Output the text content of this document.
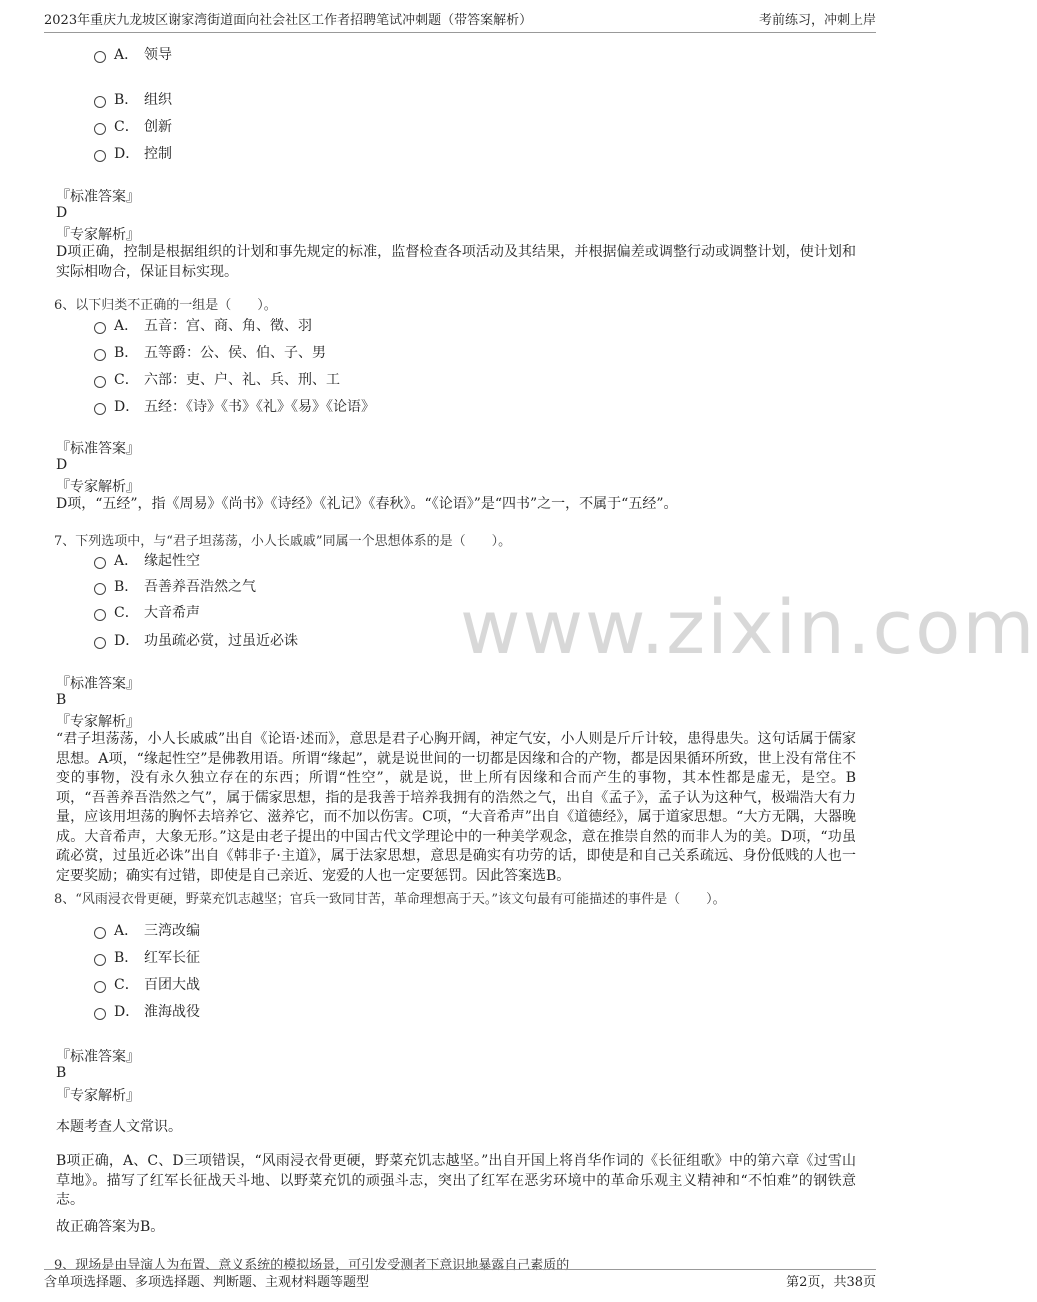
2023年重庆九龙坡区谢家湾街道面向社会社区工作者招聘笔试冲刺题（带答案解析）	考前练习，冲刺上岸
A． 领导
B． 组织
C． 创新
D． 控制
『标准答案』
D
『专家解析』
D项正确，控制是根据组织的计划和事先规定的标准，监督检查各项活动及其结果，并根据偏差或调整行动或调整计划，使计划和实际相吻合，保证目标实现。
6、以下归类不正确的一组是（　　）。
A． 五音：宫、商、角、徵、羽
B． 五等爵：公、侯、伯、子、男
C． 六部：吏、户、礼、兵、刑、工
D． 五经：《诗》《书》《礼》《易》《论语》
『标准答案』
D
『专家解析』
D项，“五经”，指《周易》《尚书》《诗经》《礼记》《春秋》。“《论语》”是“四书”之一，不属于“五经”。
7、下列选项中，与“君子坦荡荡，小人长戚戚”同属一个思想体系的是（　　）。
A． 缘起性空
B． 吾善养吾浩然之气
C． 大音希声
D． 功虽疏必赏，过虽近必诛
『标准答案』
B
『专家解析』
“君子坦荡荡，小人长戚戚”出自《论语·述而》，意思是君子心胸开阔，神定气安，小人则是斤斤计较，患得患失。这句话属于儒家思想。A项，“缘起性空”是佛教用语。所谓“缘起”，就是说世间的一切都是因缘和合的产物，都是因果循环所致，世上没有常住不变的事物，没有永久独立存在的东西；所谓“性空”，就是说，世上所有因缘和合而产生的事物，其本性都是虚无，是空。B项，“吾善养吾浩然之气”，属于儒家思想，指的是我善于培养我拥有的浩然之气，出自《孟子》，孟子认为这种气，极端浩大有力量，应该用坦荡的胸怀去培养它、滋养它，而不加以伤害。C项，“大音希声”出自《道德经》，属于道家思想。“大方无隅，大器晚成。大音希声，大象无形。”这是由老子提出的中国古代文学理论中的一种美学观念，意在推崇自然的而非人为的美。D项，“功虽疏必赏，过虽近必诛”出自《韩非子·主道》，属于法家思想，意思是确实有功劳的话，即使是和自己关系疏远、身份低贱的人也一定要奖励；确实有过错，即使是自己亲近、宠爱的人也一定要惩罚。因此答案选B。
8、“风雨浸衣骨更硬，野菜充饥志越坚；官兵一致同甘苦，革命理想高于天。”该文句最有可能描述的事件是（　　）。
A． 三湾改编
B． 红军长征
C． 百团大战
D． 淮海战役
『标准答案』
B
『专家解析』
本题考查人文常识。
B项正确，A、C、D三项错误，“风雨浸衣骨更硬，野菜充饥志越坚。”出自开国上将肖华作词的《长征组歌》中的第六章《过雪山草地》。描写了红军长征战天斗地、以野菜充饥的顽强斗志，突出了红军在恶劣环境中的革命乐观主义精神和“不怕难”的钢铁意志。
故正确答案为B。
9、现场是由导演人为布置、意义系统的模拟场景，可引发受测者下意识地暴露自己素质的
www.zixin.com
含单项选择题、多项选择题、判断题、主观材料题等题型	第2页，共38页
